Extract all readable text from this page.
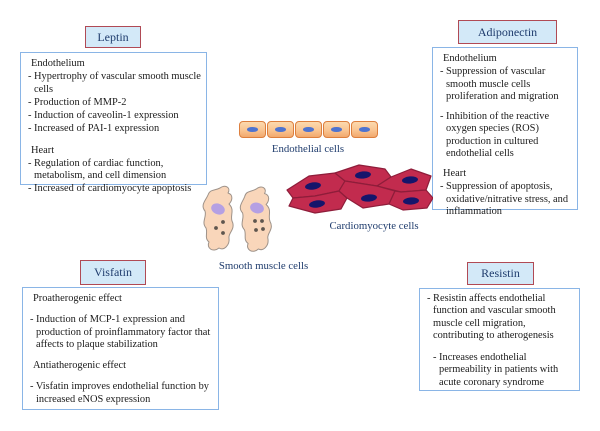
Leptin
Endothelium
- Hypertrophy of vascular smooth muscle cells
- Production of MMP-2
- Induction of caveolin-1 expression
- Increased of PAI-1 expression
Heart
- Regulation of cardiac function, metabolism, and cell dimension
- Increased of cardiomyocyte apoptosis
Adiponectin
Endothelium
- Suppression of vascular smooth muscle cells proliferation and migration
- Inhibition of the reactive oxygen species (ROS) production in cultured endothelial cells
Heart
- Suppression of apoptosis, oxidative/nitrative stress, and inflammation
Visfatin
Proatherogenic effect
- Induction of MCP-1 expression and production of proinflammatory factor that affects to plaque stabilization
Antiatherogenic effect
- Visfatin improves endothelial function by increased eNOS expression
Resistin
- Resistin affects endothelial function and vascular smooth muscle cell migration, contributing to atherogenesis
- Increases endothelial permeability in patients with acute coronary syndrome
Endothelial cells
Cardiomyocyte cells
Smooth muscle cells
